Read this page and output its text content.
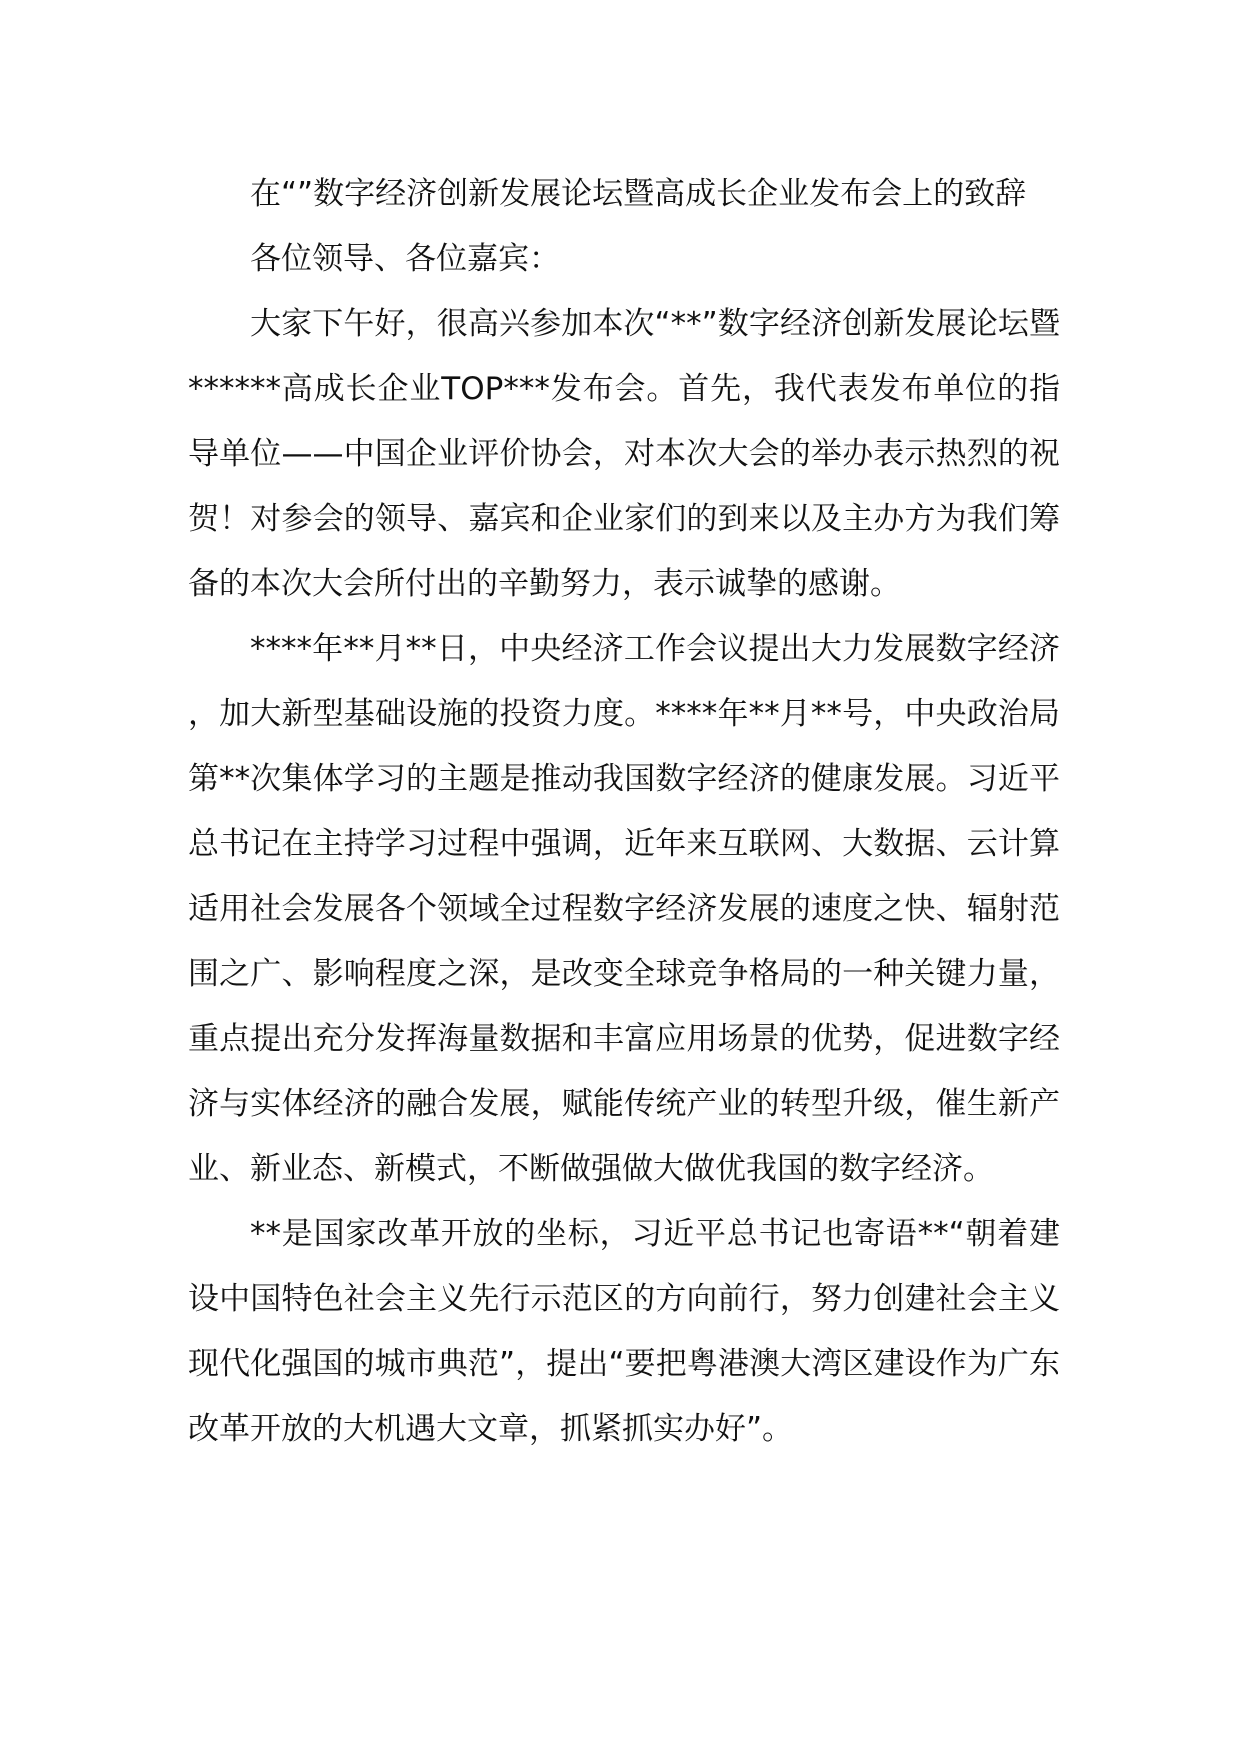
在“”数字经济创新发展论坛暨高成长企业发布会上的致辞

各位领导、各位嘉宾：

大家下午好，很高兴参加本次“**”数字经济创新发展论坛暨******高成长企业TOP***发布会。首先，我代表发布单位的指导单位——中国企业评价协会，对本次大会的举办表示热烈的祝贺！对参会的领导、嘉宾和企业家们的到来以及主办方为我们筹备的本次大会所付出的辛勤努力，表示诚挚的感谢。

****年**月**日，中央经济工作会议提出大力发展数字经济，加大新型基础设施的投资力度。****年**月**号，中央政治局第**次集体学习的主题是推动我国数字经济的健康发展。习近平总书记在主持学习过程中强调，近年来互联网、大数据、云计算适用社会发展各个领域全过程数字经济发展的速度之快、辐射范围之广、影响程度之深，是改变全球竞争格局的一种关键力量，重点提出充分发挥海量数据和丰富应用场景的优势，促进数字经济与实体经济的融合发展，赋能传统产业的转型升级，催生新产业、新业态、新模式，不断做强做大做优我国的数字经济。

**是国家改革开放的坐标，习近平总书记也寄语**“朝着建设中国特色社会主义先行示范区的方向前行，努力创建社会主义现代化强国的城市典范”，提出“要把粤港澳大湾区建设作为广东改革开放的大机遇大文章，抓紧抓实办好”。
